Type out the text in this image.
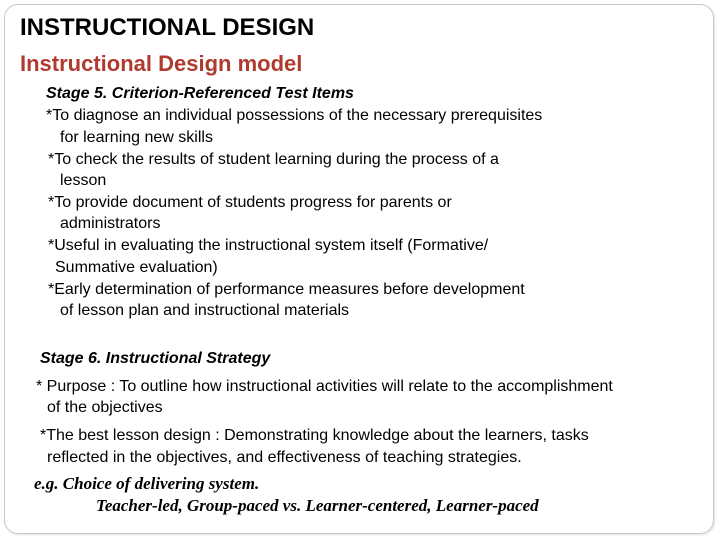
INSTRUCTIONAL DESIGN
Instructional Design model
Stage 5. Criterion-Referenced Test Items
*To diagnose an individual possessions of the necessary prerequisites
for learning new skills
*To check the results of student learning during the process of a
lesson
*To provide document of students progress for parents or
administrators
*Useful in evaluating the instructional system itself (Formative/
Summative evaluation)
*Early determination of performance measures before development
of lesson plan and instructional materials
Stage 6. Instructional Strategy
* Purpose : To outline how instructional activities will relate to the accomplishment
of the objectives
*The best lesson design : Demonstrating knowledge about the learners, tasks
reflected in the objectives, and effectiveness of teaching strategies.
e.g. Choice of delivering system.
Teacher-led, Group-paced vs. Learner-centered, Learner-paced
